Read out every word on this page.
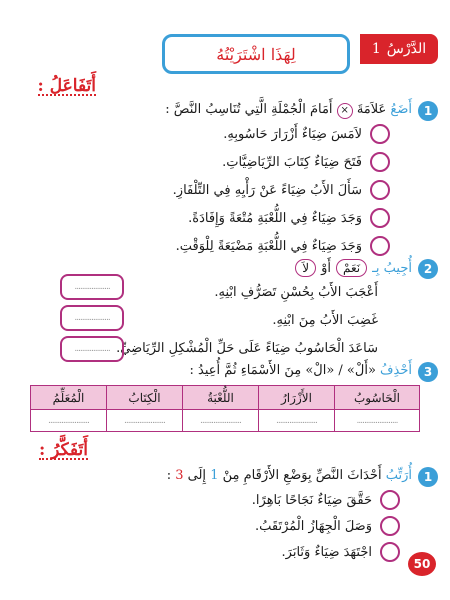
الدَّرْسُ
1
لِهَذَا اشْتَرَيْتُهُ
أَتَفَاعَلُ :
1
أَضَعُ عَلاَمَةَ × أَمَامَ الْجُمْلَةِ الَّتِي تُنَاسِبُ النَّصَّ :
لاَمَسَ ضِيَاءٌ أَزْرَارَ حَاسُوبِهِ.
فَتَحَ ضِيَاءٌ كِتَابَ الرِّيَاضِيَّاتِ.
سَأَلَ الأَبُ ضِيَاءً عَنْ رَأْيِهِ فِي التِّلْفَازِ.
وَجَدَ ضِيَاءٌ فِي اللُّعْبَةِ مُتْعَةً وَإِفَادَةً.
وَجَدَ ضِيَاءٌ فِي اللُّعْبَةِ مَضْيَعَةً لِلْوَقْتِ.
2
أُجِيبُ بِـ
نَعَمْ
أَوْ
لاَ
أَعْجَبَ الأَبُ بِحُسْنِ تَصَرُّفِ ابْنِهِ.
غَضِبَ الأَبُ مِنَ ابْنِهِ.
سَاعَدَ الْحَاسُوبُ ضِيَاءً عَلَى حَلِّ الْمُشْكِلِ الرِّيَاضِيِّ.
...................
...................
...................
3
أَحْذِفُ «أَلْ» / «الْ» مِنَ الأَسْمَاءِ ثُمَّ أُعِيدُ :
الْحَاسُوبُ	الأَزْرَارُ	اللُّعْبَةُ	الْكِتَابُ	الْمُعَلِّمُ
......................	......................	......................	......................	......................
أَتَفَكَّرُ :
1
أُرَتِّبُ أَحْدَاثَ النَّصِّ بِوَضْعِ الأَرْقَامِ مِنْ 1 إِلَى 3 :
حَقَّقَ ضِيَاءٌ نَجَاحًا بَاهِرًا.
وَصَلَ الْجِهَازُ الْمُرْتَقَبُ.
اجْتَهَدَ ضِيَاءٌ وَثَابَرَ.
50
